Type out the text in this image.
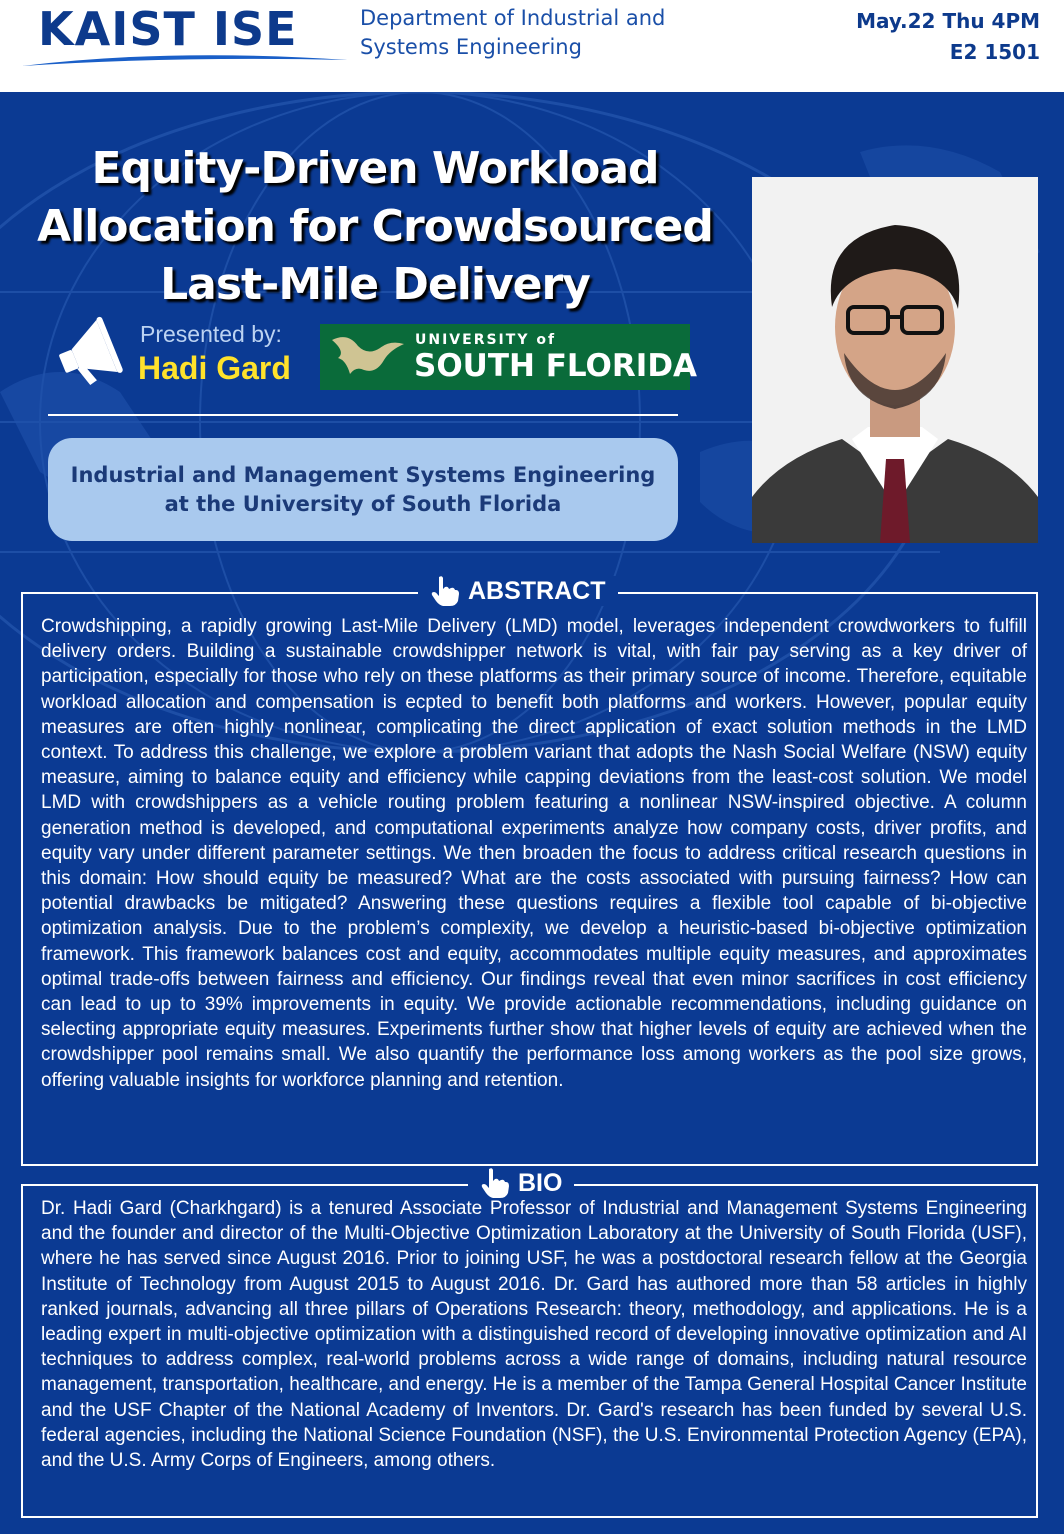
KAIST ISE	Department of Industrial and
Systems Engineering
May.22 Thu 4PM
E2 1501
Equity-Driven Workload
Allocation for Crowdsourced
Last-Mile Delivery
Presented by:
Hadi Gard
UNIVERSITY of
SOUTH FLORIDA
Industrial and Management Systems Engineering
at the University of South Florida

Crowdshipping, a rapidly growing Last-Mile Delivery (LMD) model, leverages independent crowdworkers to fulfill delivery orders. Building a sustainable crowdshipper network is vital, with fair pay serving as a key driver of participation, especially for those who rely on these platforms as their primary source of income. Therefore, equitable workload allocation and compensation is ecpted to benefit both platforms and workers. However, popular equity measures are often highly nonlinear, complicating the direct application of exact solution methods in the LMD context. To address this challenge, we explore a problem variant that adopts the Nash Social Welfare (NSW) equity measure, aiming to balance equity and efficiency while capping deviations from the least-cost solution. We model LMD with crowdshippers as a vehicle routing problem featuring a nonlinear NSW-inspired objective. A column generation method is developed, and computational experiments analyze how company costs, driver profits, and equity vary under different parameter settings. We then broaden the focus to address critical research questions in this domain: How should equity be measured? What are the costs associated with pursuing fairness? How can potential drawbacks be mitigated? Answering these questions requires a flexible tool capable of bi-objective optimization analysis. Due to the problem’s complexity, we develop a heuristic-based bi-objective optimization framework. This framework balances cost and equity, accommodates multiple equity measures, and approximates optimal trade-offs between fairness and efficiency. Our findings reveal that even minor sacrifices in cost efficiency can lead to up to 39% improvements in equity. We provide actionable recommendations, including guidance on selecting appropriate equity measures. Experiments further show that higher levels of equity are achieved when the crowdshipper pool remains small. We also quantify the performance loss among workers as the pool size grows, offering valuable insights for workforce planning and retention.

ABSTRACT

Dr. Hadi Gard (Charkhgard) is a tenured Associate Professor of Industrial and Management Systems Engineering and the founder and director of the Multi-Objective Optimization Laboratory at the University of South Florida (USF), where he has served since August 2016. Prior to joining USF, he was a postdoctoral research fellow at the Georgia Institute of Technology from August 2015 to August 2016. Dr. Gard has authored more than 58 articles in highly ranked journals, advancing all three pillars of Operations Research: theory, methodology, and applications. He is a leading expert in multi-objective optimization with a distinguished record of developing innovative optimization and AI techniques to address complex, real-world problems across a wide range of domains, including natural resource management, transportation, healthcare, and energy. He is a member of the Tampa General Hospital Cancer Institute and the USF Chapter of the National Academy of Inventors. Dr. Gard's research has been funded by several U.S. federal agencies, including the National Science Foundation (NSF), the U.S. Environmental Protection Agency (EPA), and the U.S. Army Corps of Engineers, among others.

BIO
